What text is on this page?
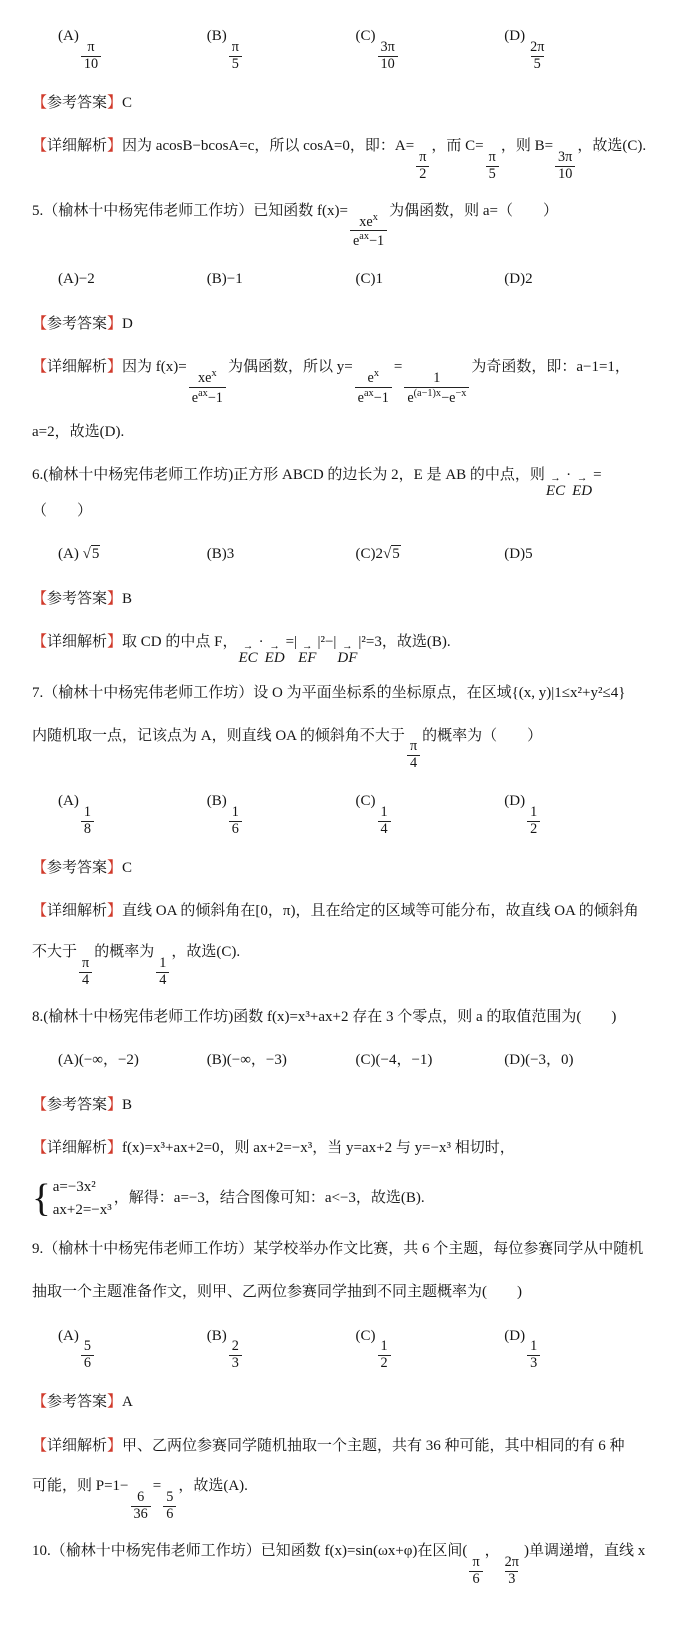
(A)
$\frac{\pi}{10}$
(B)
$\frac{\pi}{5}$
(C)
$\frac{3\pi}{10}$
(D)
$\frac{2\pi}{5}$
【参考答案】C
【详细解析】因为 acosB−bcosA=c，所以 cosA=0，即：A=
$\frac{\pi}{2}$
，而 C=
$\frac{\pi}{5}$
，则 B=
$\frac{3\pi}{10}$
，故选(C).
5.（榆林十中杨宪伟老师工作坊）已知函数 f(x)=
$\frac{xe^x}{e^{ax}-1}$
为偶函数，则 a=（　　）
(A)−2	(B)−1	(C)1	(D)2
【参考答案】D
【详细解析】因为 f(x)=
$\frac{xe^x}{e^{ax}-1}$
为偶函数，所以 y=
$\frac{e^x}{e^{ax}-1}$
=
$\frac{1}{e^{(a-1)x}-e^{-x}}$
为奇函数，即：a−1=1，
a=2，故选(D).
6.(榆林十中杨宪伟老师工作坊)正方形 ABCD 的边长为 2，E 是 AB 的中点，则 →
EC
· →
ED
=（　　）
(A) √5	(B)3	(C)2√5	(D)5
【参考答案】B
【详细解析】取 CD 的中点 F， →
EC
· →
ED
=| →
EF
|²−| →
DF
|²=3，故选(B).
7.（榆林十中杨宪伟老师工作坊）设 O 为平面坐标系的坐标原点，在区域{(x, y)|1≤x²+y²≤4}
内随机取一点，记该点为 A，则直线 OA 的倾斜角不大于
$\frac{\pi}{4}$
的概率为（　　）
(A)
$\frac{1}{8}$
(B)
$\frac{1}{6}$
(C)
$\frac{1}{4}$
(D)
$\frac{1}{2}$
【参考答案】C
【详细解析】直线 OA 的倾斜角在[0，π)，且在给定的区域等可能分布，故直线 OA 的倾斜角
不大于
$\frac{\pi}{4}$
的概率为
$\frac{1}{4}$
，故选(C).
8.(榆林十中杨宪伟老师工作坊)函数 f(x)=x³+ax+2 存在 3 个零点，则 a 的取值范围为(　　)
(A)(−∞，−2)	(B)(−∞，−3)	(C)(−4，−1)	(D)(−3，0)
【参考答案】B
【详细解析】f(x)=x³+ax+2=0，则 ax+2=−x³，当 y=ax+2 与 y=−x³ 相切时，
{ a=−3x²
ax+2=−x³
，解得：a=−3，结合图像可知：a<−3，故选(B).
9.（榆林十中杨宪伟老师工作坊）某学校举办作文比赛，共 6 个主题，每位参赛同学从中随机
抽取一个主题准备作文，则甲、乙两位参赛同学抽到不同主题概率为(　　)
(A)
$\frac{5}{6}$
(B)
$\frac{2}{3}$
(C)
$\frac{1}{2}$
(D)
$\frac{1}{3}$
【参考答案】A
【详细解析】甲、乙两位参赛同学随机抽取一个主题，共有 36 种可能，其中相同的有 6 种
可能，则 P=1−
$\frac{6}{36}$
=
$\frac{5}{6}$
，故选(A).
10.（榆林十中杨宪伟老师工作坊）已知函数 f(x)=sin(ωx+φ)在区间(
$\frac{\pi}{6}$
，
$\frac{2\pi}{3}$
)单调递增，直线 x
